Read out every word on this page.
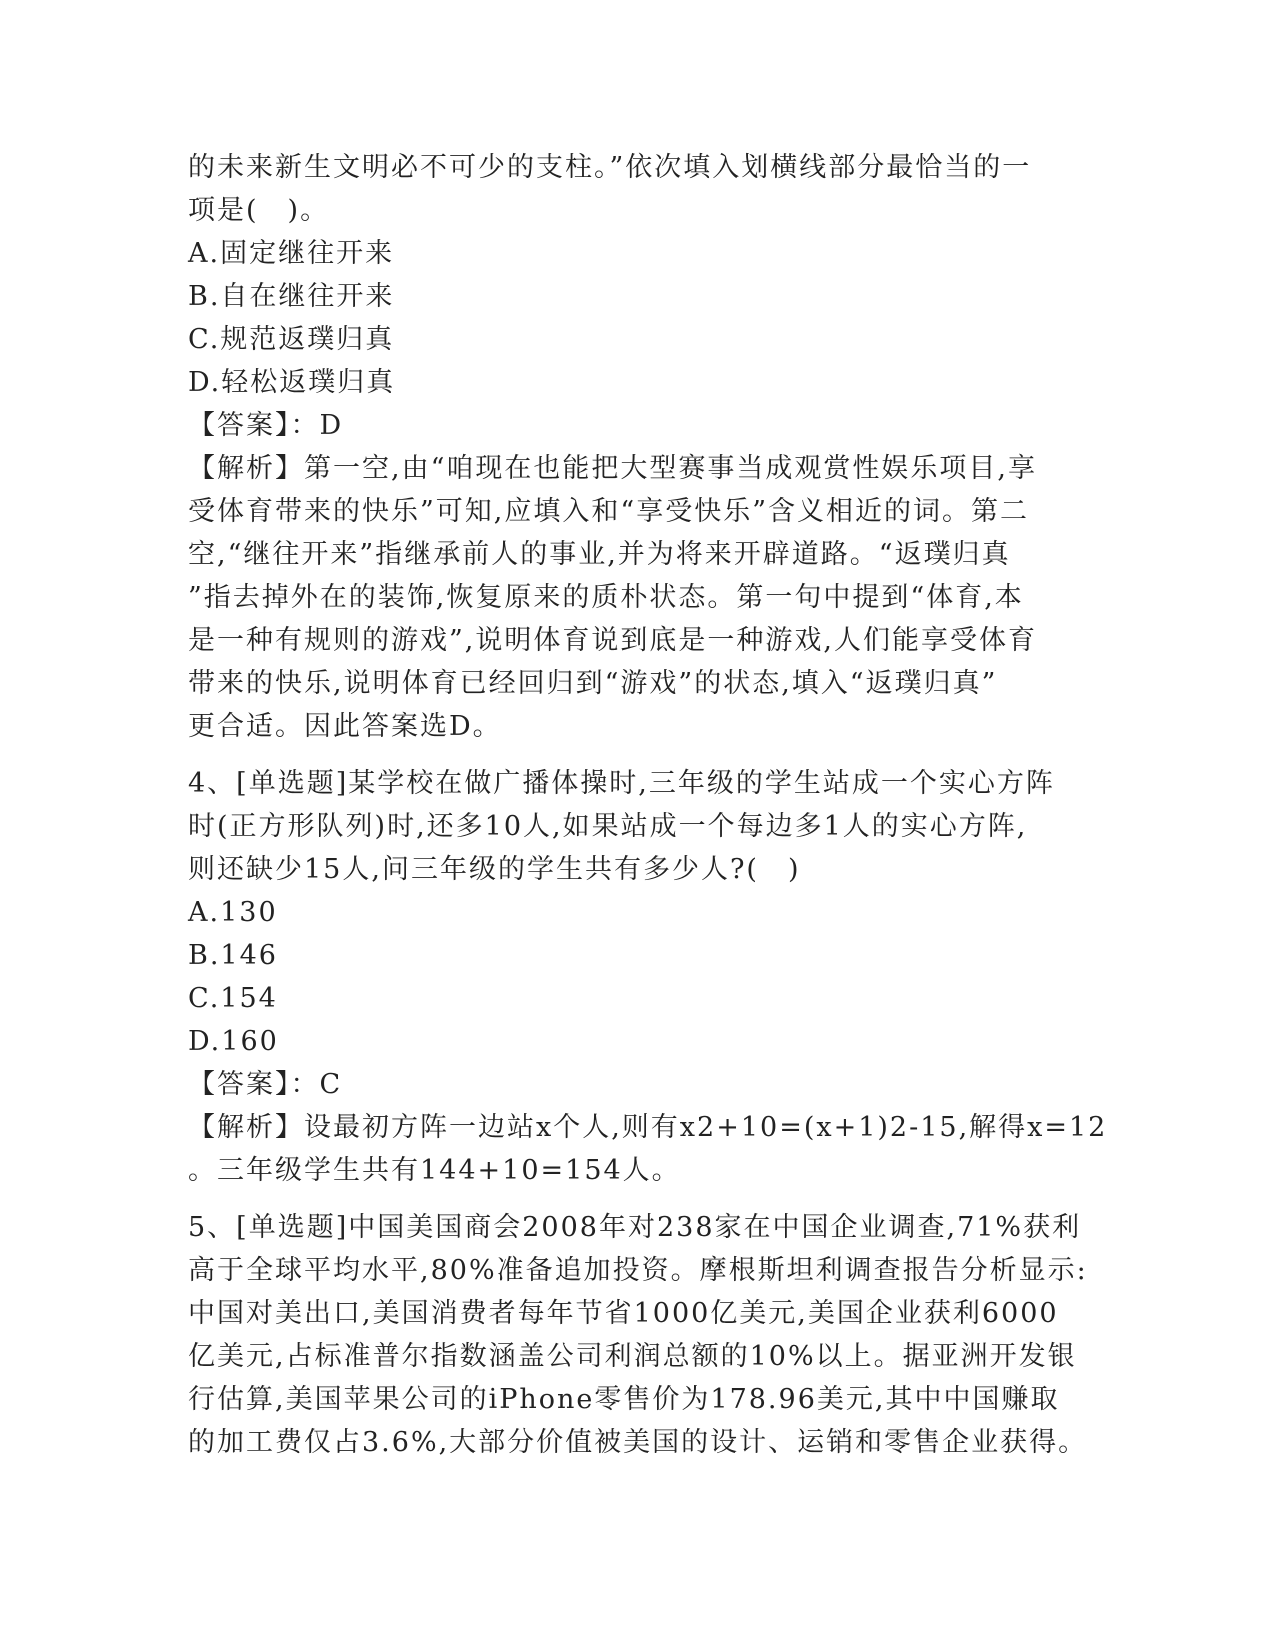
的未来新生文明必不可少的支柱。”依次填入划横线部分最恰当的一
项是(　)。
A.固定继往开来
B.自在继往开来
C.规范返璞归真
D.轻松返璞归真
【答案】：D
【解析】第一空,由“咱现在也能把大型赛事当成观赏性娱乐项目,享
受体育带来的快乐”可知,应填入和“享受快乐”含义相近的词。第二
空,“继往开来”指继承前人的事业,并为将来开辟道路。“返璞归真
”指去掉外在的装饰,恢复原来的质朴状态。第一句中提到“体育,本
是一种有规则的游戏”,说明体育说到底是一种游戏,人们能享受体育
带来的快乐,说明体育已经回归到“游戏”的状态,填入“返璞归真”
更合适。因此答案选D。
4、[单选题]某学校在做广播体操时,三年级的学生站成一个实心方阵
时(正方形队列)时,还多10人,如果站成一个每边多1人的实心方阵,
则还缺少15人,问三年级的学生共有多少人?(　)
A.130
B.146
C.154
D.160
【答案】：C
【解析】设最初方阵一边站x个人,则有x2+10=(x+1)2-15,解得x=12
。三年级学生共有144+10=154人。
5、[单选题]中国美国商会2008年对238家在中国企业调查,71%获利
高于全球平均水平,80%准备追加投资。摩根斯坦利调查报告分析显示:
中国对美出口,美国消费者每年节省1000亿美元,美国企业获利6000
亿美元,占标准普尔指数涵盖公司利润总额的10%以上。据亚洲开发银
行估算,美国苹果公司的iPhone零售价为178.96美元,其中中国赚取
的加工费仅占3.6%,大部分价值被美国的设计、运销和零售企业获得。
